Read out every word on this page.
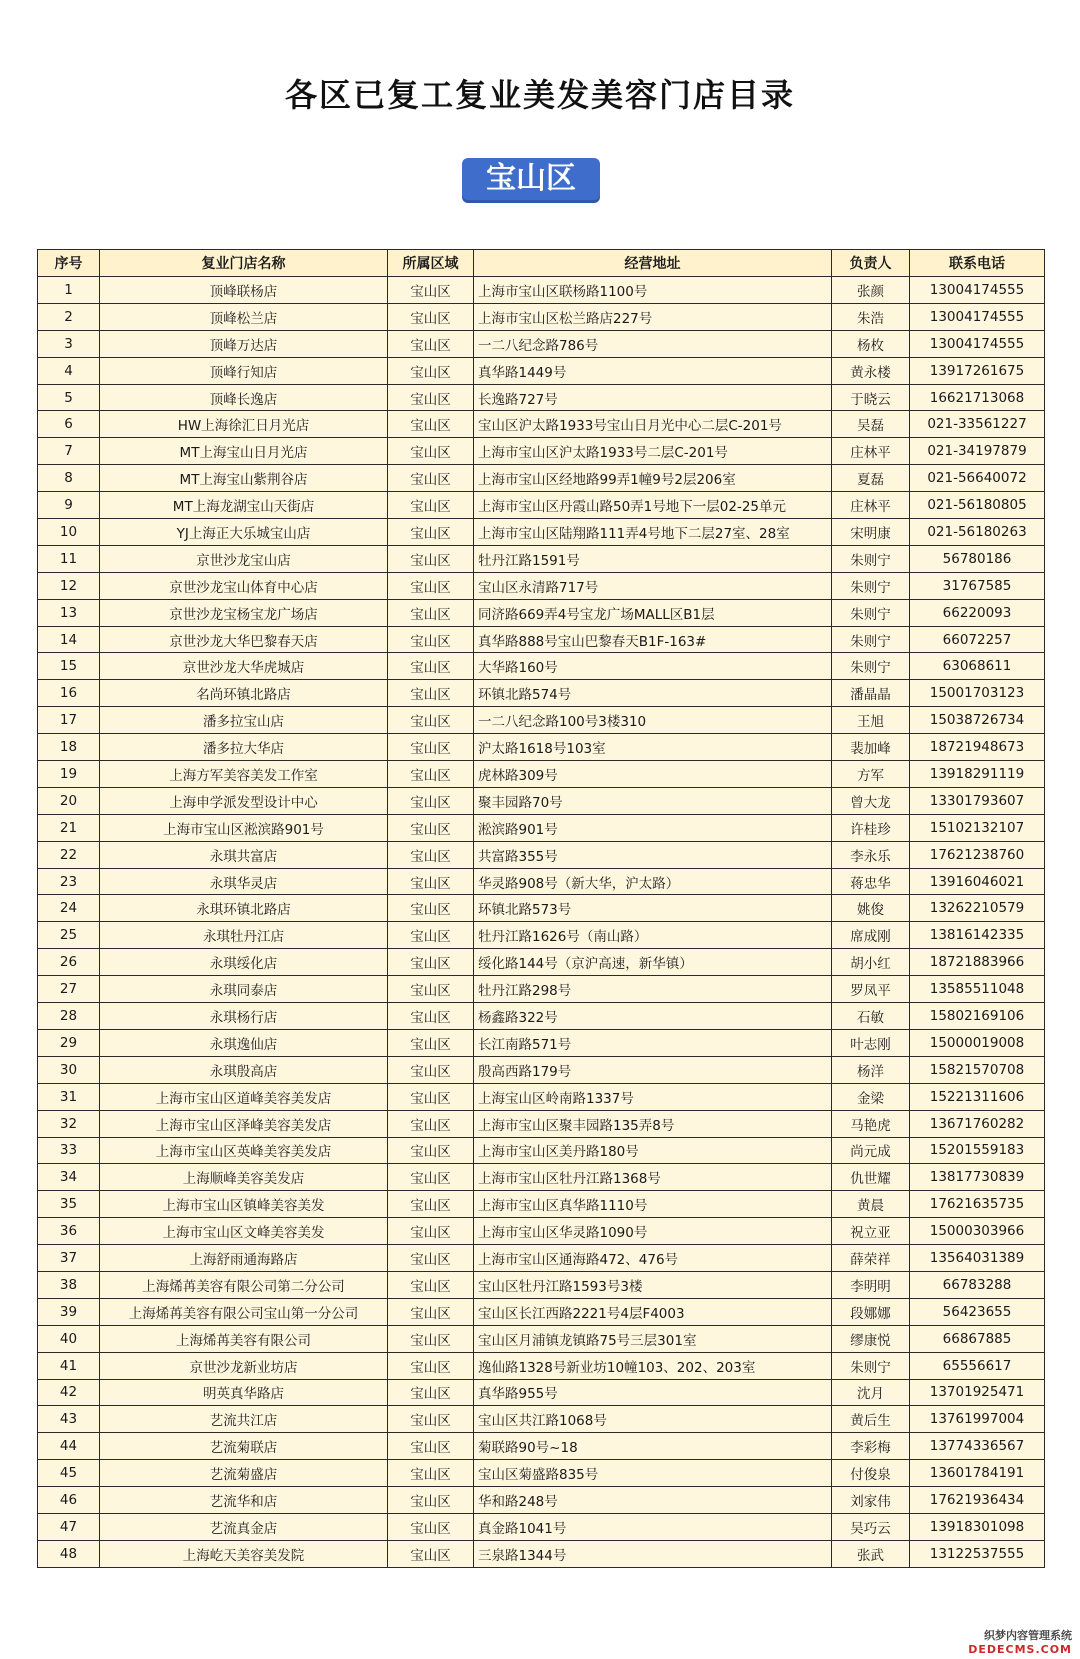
各区已复工复业美发美容门店目录
宝山区
序号	复业门店名称	所属区域	经营地址	负责人	联系电话
1	顶峰联杨店	宝山区	上海市宝山区联杨路1100号	张颜	13004174555
2	顶峰松兰店	宝山区	上海市宝山区松兰路店227号	朱浩	13004174555
3	顶峰万达店	宝山区	一二八纪念路786号	杨枚	13004174555
4	顶峰行知店	宝山区	真华路1449号	黄永楼	13917261675
5	顶峰长逸店	宝山区	长逸路727号	于晓云	16621713068
6	HW上海徐汇日月光店	宝山区	宝山区沪太路1933号宝山日月光中心二层C-201号	吴磊	021-33561227
7	MT上海宝山日月光店	宝山区	上海市宝山区沪太路1933号二层C-201号	庄林平	021-34197879
8	MT上海宝山紫荆谷店	宝山区	上海市宝山区经地路99弄1幢9号2层206室	夏磊	021-56640072
9	MT上海龙湖宝山天街店	宝山区	上海市宝山区丹霞山路50弄1号地下一层02-25单元	庄林平	021-56180805
10	YJ上海正大乐城宝山店	宝山区	上海市宝山区陆翔路111弄4号地下二层27室、28室	宋明康	021-56180263
11	京世沙龙宝山店	宝山区	牡丹江路1591号	朱则宁	56780186
12	京世沙龙宝山体育中心店	宝山区	宝山区永清路717号	朱则宁	31767585
13	京世沙龙宝杨宝龙广场店	宝山区	同济路669弄4号宝龙广场MALL区B1层	朱则宁	66220093
14	京世沙龙大华巴黎春天店	宝山区	真华路888号宝山巴黎春天B1F-163#	朱则宁	66072257
15	京世沙龙大华虎城店	宝山区	大华路160号	朱则宁	63068611
16	名尚环镇北路店	宝山区	环镇北路574号	潘晶晶	15001703123
17	潘多拉宝山店	宝山区	一二八纪念路100号3楼310	王旭	15038726734
18	潘多拉大华店	宝山区	沪太路1618号103室	裴加峰	18721948673
19	上海方军美容美发工作室	宝山区	虎林路309号	方军	13918291119
20	上海申学派发型设计中心	宝山区	聚丰园路70号	曾大龙	13301793607
21	上海市宝山区淞滨路901号	宝山区	淞滨路901号	许桂珍	15102132107
22	永琪共富店	宝山区	共富路355号	李永乐	17621238760
23	永琪华灵店	宝山区	华灵路908号（新大华，沪太路）	蒋忠华	13916046021
24	永琪环镇北路店	宝山区	环镇北路573号	姚俊	13262210579
25	永琪牡丹江店	宝山区	牡丹江路1626号（南山路）	席成刚	13816142335
26	永琪绥化店	宝山区	绥化路144号（京沪高速，新华镇）	胡小红	18721883966
27	永琪同泰店	宝山区	牡丹江路298号	罗凤平	13585511048
28	永琪杨行店	宝山区	杨鑫路322号	石敏	15802169106
29	永琪逸仙店	宝山区	长江南路571号	叶志刚	15000019008
30	永琪殷高店	宝山区	殷高西路179号	杨洋	15821570708
31	上海市宝山区道峰美容美发店	宝山区	上海宝山区岭南路1337号	金梁	15221311606
32	上海市宝山区泽峰美容美发店	宝山区	上海市宝山区聚丰园路135弄8号	马艳虎	13671760282
33	上海市宝山区英峰美容美发店	宝山区	上海市宝山区美丹路180号	尚元成	15201559183
34	上海顺峰美容美发店	宝山区	上海市宝山区牡丹江路1368号	仇世耀	13817730839
35	上海市宝山区镇峰美容美发	宝山区	上海市宝山区真华路1110号	黄晨	17621635735
36	上海市宝山区文峰美容美发	宝山区	上海市宝山区华灵路1090号	祝立亚	15000303966
37	上海舒雨通海路店	宝山区	上海市宝山区通海路472、476号	薛荣祥	13564031389
38	上海烯苒美容有限公司第二分公司	宝山区	宝山区牡丹江路1593号3楼	李明明	66783288
39	上海烯苒美容有限公司宝山第一分公司	宝山区	宝山区长江西路2221号4层F4003	段娜娜	56423655
40	上海烯苒美容有限公司	宝山区	宝山区月浦镇龙镇路75号三层301室	缪康悦	66867885
41	京世沙龙新业坊店	宝山区	逸仙路1328号新业坊10幢103、202、203室	朱则宁	65556617
42	明英真华路店	宝山区	真华路955号	沈月	13701925471
43	艺流共江店	宝山区	宝山区共江路1068号	黄后生	13761997004
44	艺流菊联店	宝山区	菊联路90号~18	李彩梅	13774336567
45	艺流菊盛店	宝山区	宝山区菊盛路835号	付俊泉	13601784191
46	艺流华和店	宝山区	华和路248号	刘家伟	17621936434
47	艺流真金店	宝山区	真金路1041号	吴巧云	13918301098
48	上海屹天美容美发院	宝山区	三泉路1344号	张武	13122537555
织梦内容管理系统
DEDECMS.COM
